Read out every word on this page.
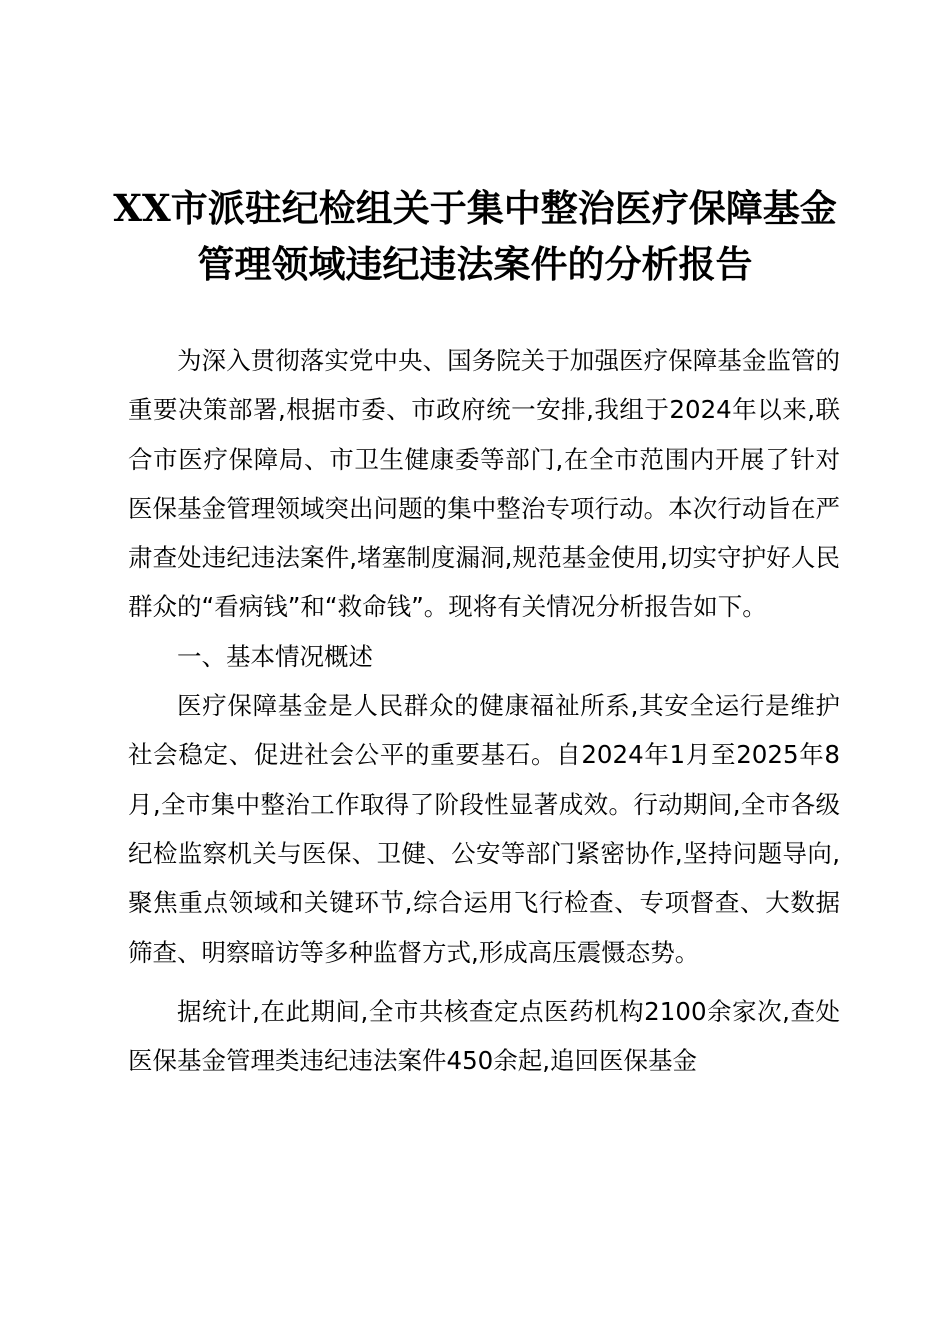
XX市派驻纪检组关于集中整治医疗保障基金管理领域违纪违法案件的分析报告

为深入贯彻落实党中央、国务院关于加强医疗保障基金监管的重要决策部署,根据市委、市政府统一安排,我组于2024年以来,联合市医疗保障局、市卫生健康委等部门,在全市范围内开展了针对医保基金管理领域突出问题的集中整治专项行动。本次行动旨在严肃查处违纪违法案件,堵塞制度漏洞,规范基金使用,切实守护好人民群众的“看病钱”和“救命钱”。现将有关情况分析报告如下。

一、基本情况概述

医疗保障基金是人民群众的健康福祉所系,其安全运行是维护社会稳定、促进社会公平的重要基石。自2024年1月至2025年8月,全市集中整治工作取得了阶段性显著成效。行动期间,全市各级纪检监察机关与医保、卫健、公安等部门紧密协作,坚持问题导向,聚焦重点领域和关键环节,综合运用飞行检查、专项督查、大数据筛查、明察暗访等多种监督方式,形成高压震慑态势。

据统计,在此期间,全市共核查定点医药机构2100余家次,查处医保基金管理类违纪违法案件450余起,追回医保基金
